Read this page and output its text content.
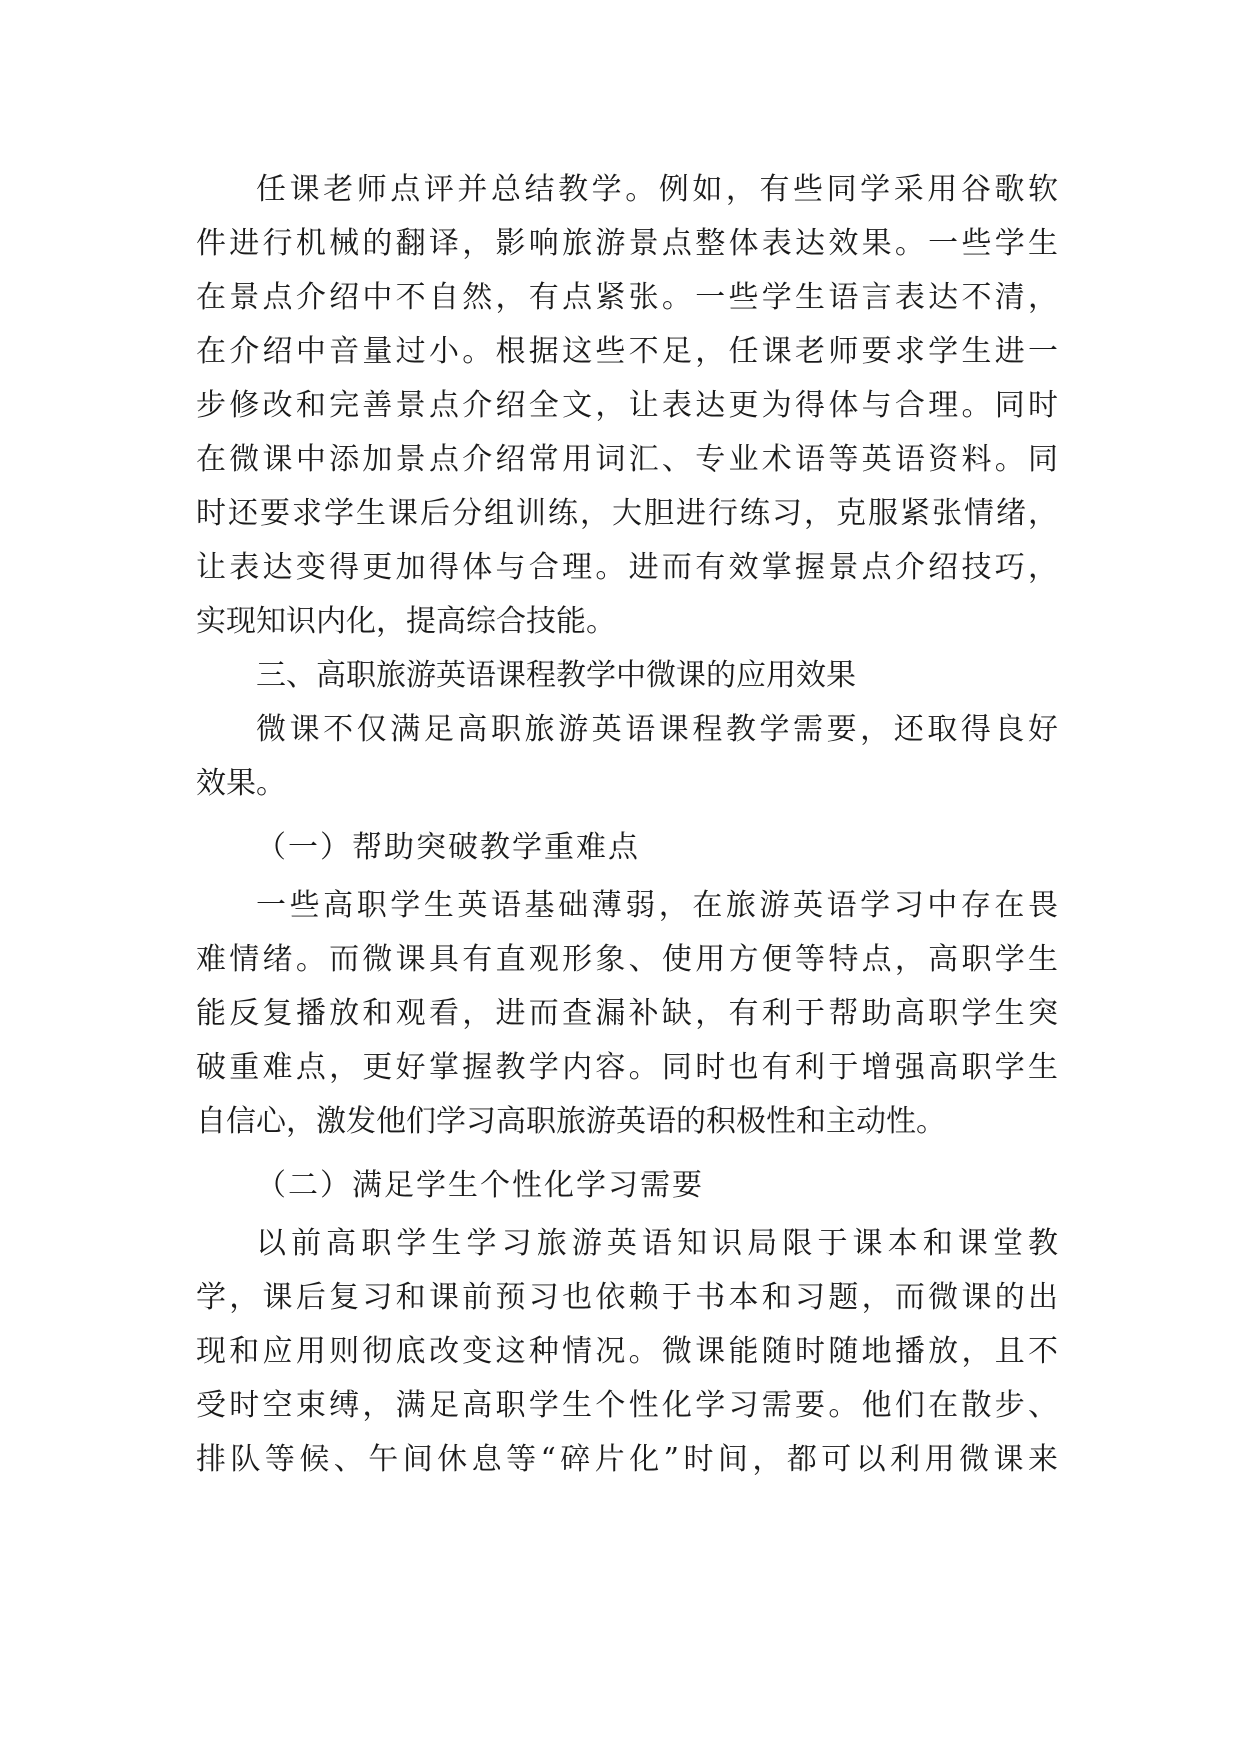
任课老师点评并总结教学。例如，有些同学采用谷歌软
件进行机械的翻译，影响旅游景点整体表达效果。一些学生
在景点介绍中不自然，有点紧张。一些学生语言表达不清，
在介绍中音量过小。根据这些不足，任课老师要求学生进一
步修改和完善景点介绍全文，让表达更为得体与合理。同时
在微课中添加景点介绍常用词汇、专业术语等英语资料。同
时还要求学生课后分组训练，大胆进行练习，克服紧张情绪，
让表达变得更加得体与合理。进而有效掌握景点介绍技巧，
实现知识内化，提高综合技能。
三、高职旅游英语课程教学中微课的应用效果
微课不仅满足高职旅游英语课程教学需要，还取得良好
效果。
（一）帮助突破教学重难点
一些高职学生英语基础薄弱，在旅游英语学习中存在畏
难情绪。而微课具有直观形象、使用方便等特点，高职学生
能反复播放和观看，进而查漏补缺，有利于帮助高职学生突
破重难点，更好掌握教学内容。同时也有利于增强高职学生
自信心，激发他们学习高职旅游英语的积极性和主动性。
（二）满足学生个性化学习需要
以前高职学生学习旅游英语知识局限于课本和课堂教
学，课后复习和课前预习也依赖于书本和习题，而微课的出
现和应用则彻底改变这种情况。微课能随时随地播放，且不
受时空束缚，满足高职学生个性化学习需要。他们在散步、
排队等候、午间休息等“碎片化”时间，都可以利用微课来
